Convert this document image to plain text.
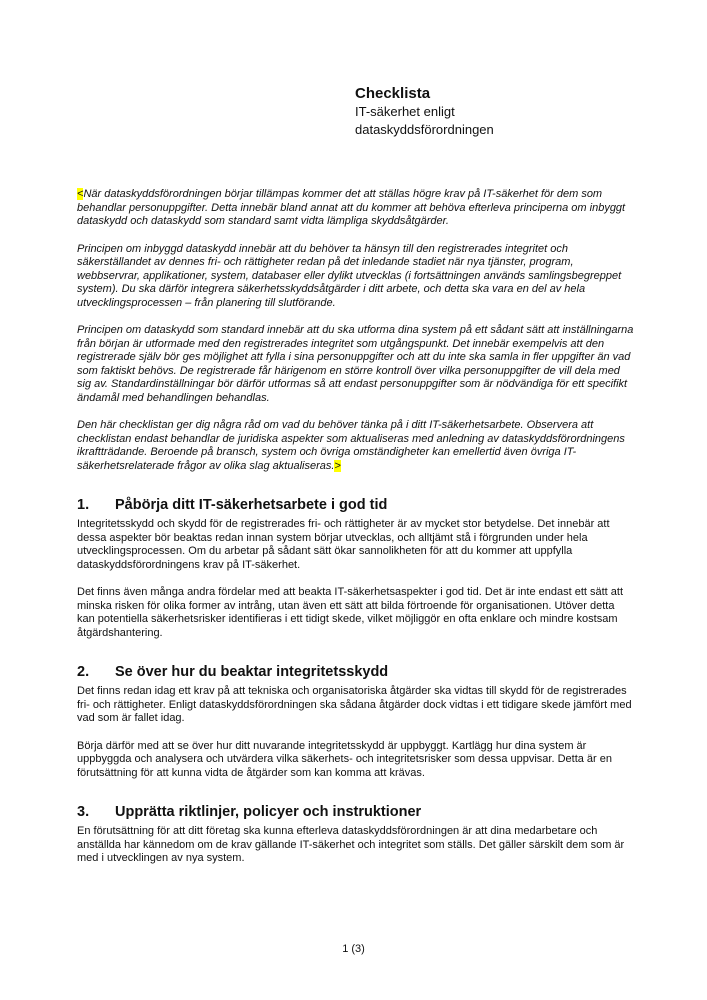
Checklista
IT-säkerhet enligt
dataskyddsförordningen

<När dataskyddsförordningen börjar tillämpas kommer det att ställas högre krav på IT-säkerhet för dem som behandlar personuppgifter. Detta innebär bland annat att du kommer att behöva efterleva principerna om inbyggt dataskydd och dataskydd som standard samt vidta lämpliga skyddsåtgärder.

Principen om inbyggd dataskydd innebär att du behöver ta hänsyn till den registrerades integritet och säkerställandet av dennes fri- och rättigheter redan på det inledande stadiet när nya tjänster, program, webbservrar, applikationer, system, databaser eller dylikt utvecklas (i fortsättningen används samlingsbegreppet system). Du ska därför integrera säkerhetsskyddsåtgärder i ditt arbete, och detta ska vara en del av hela utvecklingsprocessen – från planering till slutförande.

Principen om dataskydd som standard innebär att du ska utforma dina system på ett sådant sätt att inställningarna från början är utformade med den registrerades integritet som utgångspunkt. Det innebär exempelvis att den registrerade själv bör ges möjlighet att fylla i sina personuppgifter och att du inte ska samla in fler uppgifter än vad som faktiskt behövs. De registrerade får härigenom en större kontroll över vilka personuppgifter de vill dela med sig av. Standardinställningar bör därför utformas så att endast personuppgifter som är nödvändiga för ett specifikt ändamål med behandlingen behandlas.

Den här checklistan ger dig några råd om vad du behöver tänka på i ditt IT-säkerhetsarbete. Observera att checklistan endast behandlar de juridiska aspekter som aktualiseras med anledning av dataskyddsförordningens ikraftträdande. Beroende på bransch, system och övriga omständigheter kan emellertid även övriga IT-säkerhetsrelaterade frågor av olika slag aktualiseras.>

1. Påbörja ditt IT-säkerhetsarbete i god tid

Integritetsskydd och skydd för de registrerades fri- och rättigheter är av mycket stor betydelse. Det innebär att dessa aspekter bör beaktas redan innan system börjar utvecklas, och alltjämt stå i förgrunden under hela utvecklingsprocessen. Om du arbetar på sådant sätt ökar sannolikheten för att du kommer att uppfylla dataskyddsförordningens krav på IT-säkerhet.

Det finns även många andra fördelar med att beakta IT-säkerhetsaspekter i god tid. Det är inte endast ett sätt att minska risken för olika former av intrång, utan även ett sätt att bilda förtroende för organisationen. Utöver detta kan potentiella säkerhetsrisker identifieras i ett tidigt skede, vilket möjliggör en ofta enklare och mindre kostsam åtgärdshantering.

2. Se över hur du beaktar integritetsskydd

Det finns redan idag ett krav på att tekniska och organisatoriska åtgärder ska vidtas till skydd för de registrerades fri- och rättigheter. Enligt dataskyddsförordningen ska sådana åtgärder dock vidtas i ett tidigare skede jämfört med vad som är fallet idag.

Börja därför med att se över hur ditt nuvarande integritetsskydd är uppbyggt. Kartlägg hur dina system är uppbyggda och analysera och utvärdera vilka säkerhets- och integritetsrisker som dessa uppvisar. Detta är en förutsättning för att kunna vidta de åtgärder som kan komma att krävas.

3. Upprätta riktlinjer, policyer och instruktioner

En förutsättning för att ditt företag ska kunna efterleva dataskyddsförordningen är att dina medarbetare och anställda har kännedom om de krav gällande IT-säkerhet och integritet som ställs. Det gäller särskilt dem som är med i utvecklingen av nya system.

1 (3)
